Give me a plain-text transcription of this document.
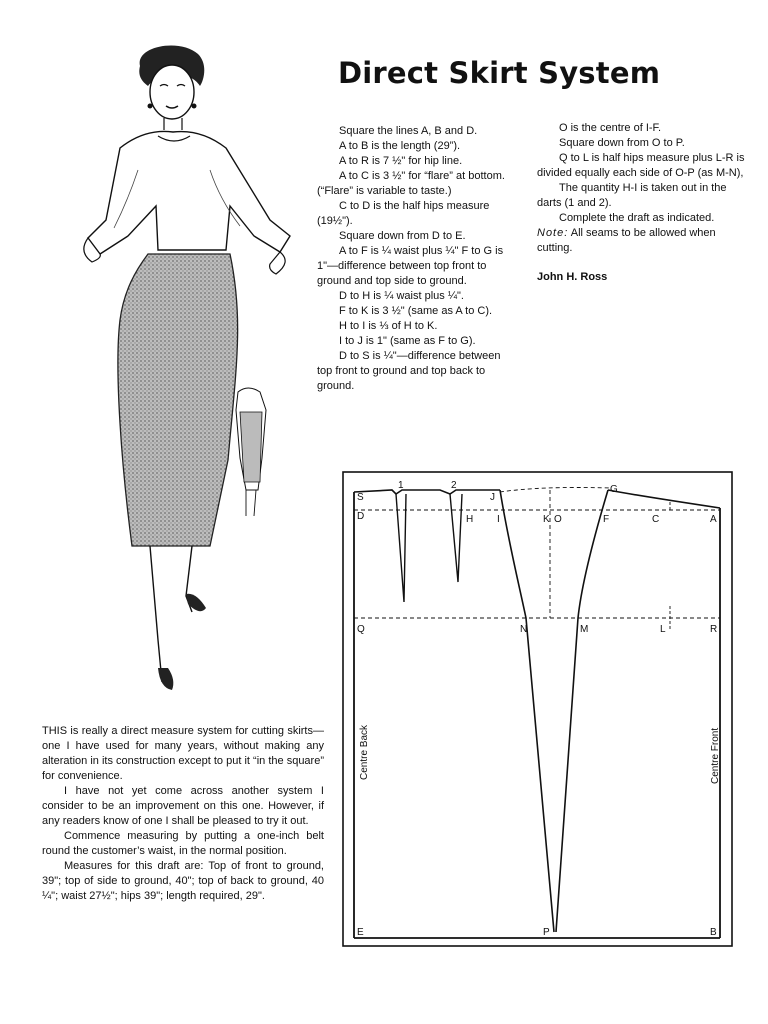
Direct Skirt System

Square the lines A, B and D.

A to B is the length (29”).

A to R is 7 ½" for hip line.

A to C is 3 ½" for “flare” at bottom. (“Flare” is variable to taste.)

C to D is the half hips measure (19½").

Square down from D to E.

A to F is ¼ waist plus ¼" F to G is 1"—difference between top front to ground and top side to ground.

D to H is ¼ waist plus ¼".

F to K is 3 ½" (same as A to C).

H to I is ⅓ of H to K.

I to J is 1" (same as F to G).

D to S is ¼"—difference between

top front to ground and top back to ground.

O is the centre of I-F.

Square down from O to P.

Q to L is half hips measure plus L-R is divided equally each side of O-P (as M-N),

The quantity H-I is taken out in the darts (1 and 2).

Complete the draft as indicated.

Note: All seams to be allowed when cutting.

John H. Ross

THIS is really a direct measure system for cutting skirts—one I have used for many years, without making any alteration in its construction except to put it “in the square” for convenience.

I have not yet come across another system I consider to be an improvement on this one. However, if any readers know of one I shall be pleased to try it out.

Commence measuring by putting a one-inch belt round the customer’s waist, in the normal position.

Measures for this draft are: Top of front to ground, 39"; top of side to ground, 40"; top of back to ground, 40 ¼"; waist 27½"; hips 39"; length required, 29".

S
1	2
J
G
D	H I	K O	F	C	A
Q	N	M	L	R
E	P	B
Centre Back	Centre Front
